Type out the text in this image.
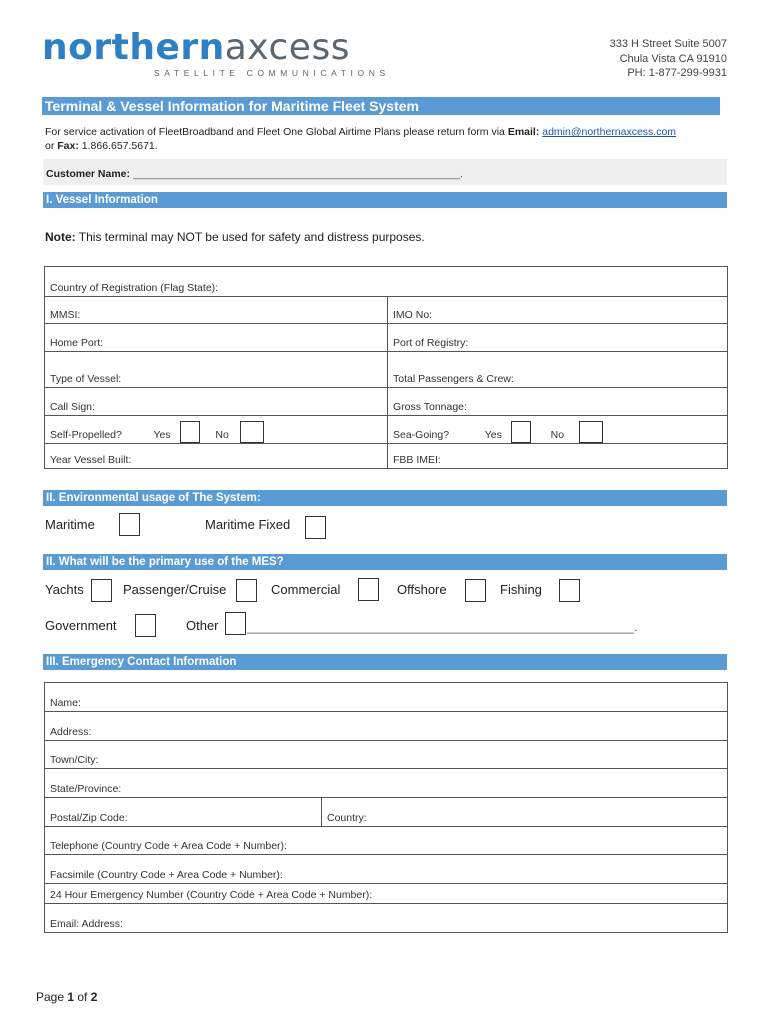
northernaxcess
SATELLITE COMMUNICATIONS
333 H Street Suite 5007
Chula Vista CA 91910
PH: 1-877-299-9931
Terminal & Vessel Information for Maritime Fleet System
For service activation of FleetBroadband and Fleet One Global Airtime Plans please return form via Email: admin@northernaxcess.com
or Fax: 1.866.657.5671.
Customer Name: ________________________________________________________.
I. Vessel Information
Note: This terminal may NOT be used for safety and distress purposes.
Country of Registration (Flag State):	
MMSI:	IMO No:
Home Port:	Port of Registry:
Type of Vessel:	Total Passengers & Crew:
Call Sign:	Gross Tonnage:
Self-Propelled? Yes No	Sea-Going? Yes No
Year Vessel Built:	FBB IMEI:
II. Environmental usage of The System:
Maritime	Maritime Fixed
II. What will be the primary use of the MES?
Yachts	Passenger/Cruise	Commercial	Offshore	Fishing
Government	Other __________________________________________________________.
III. Emergency Contact Information
Name:
Address:
Town/City:
State/Province:
Postal/Zip Code:	Country:
Telephone (Country Code + Area Code + Number):
Facsimile (Country Code + Area Code + Number):
24 Hour Emergency Number (Country Code + Area Code + Number):
Email: Address:
Page 1 of 2
